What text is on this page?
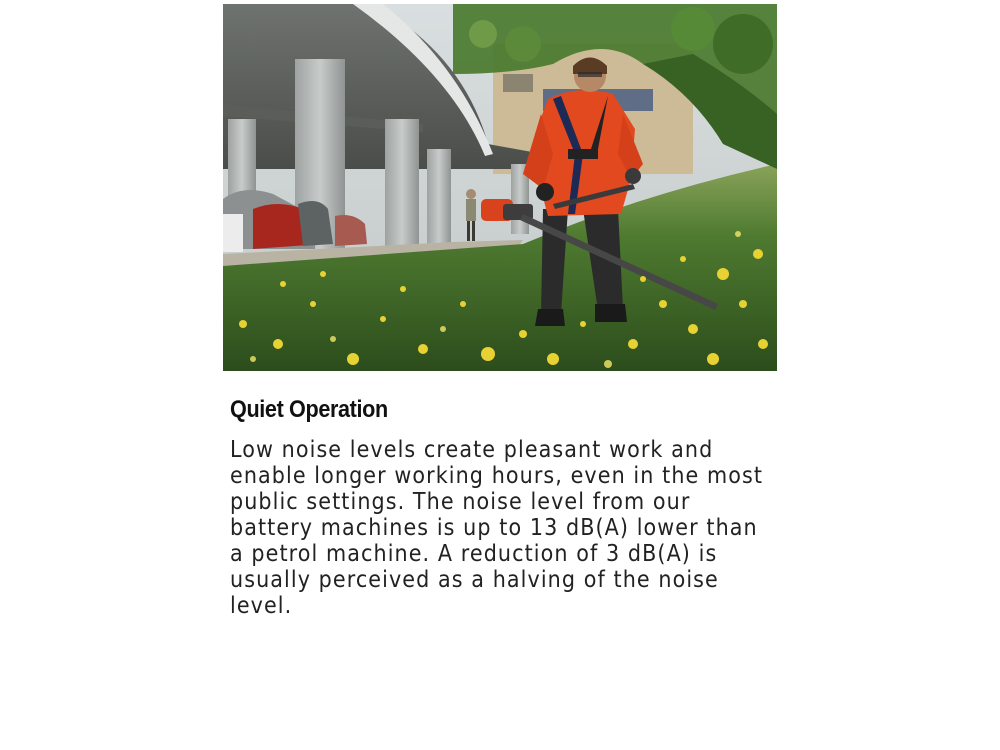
Quiet Operation

Low noise levels create pleasant work and enable longer working hours, even in the most public settings. The noise level from our battery machines is up to 13 dB(A) lower than a petrol machine. A reduction of 3 dB(A) is usually perceived as a halving of the noise level.
